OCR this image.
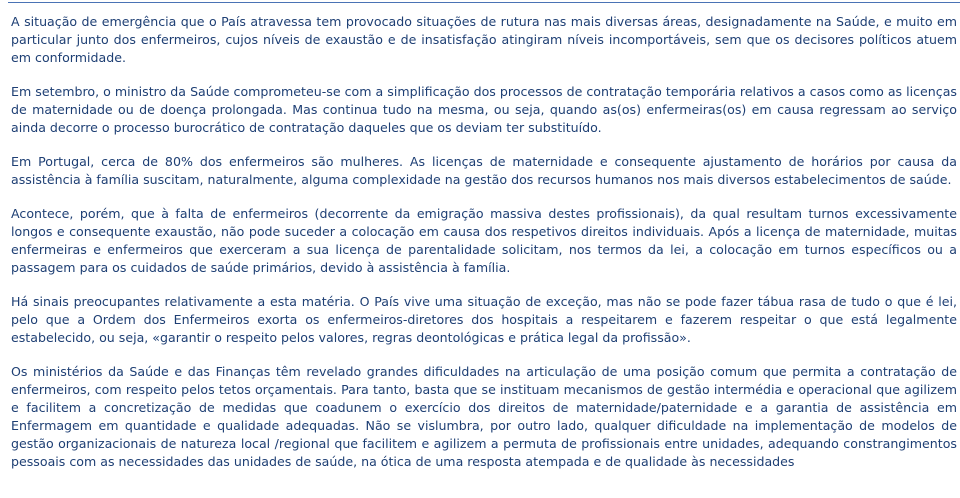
A situação de emergência que o País atravessa tem provocado situações de rutura nas mais diversas áreas, designadamente na Saúde, e muito em particular junto dos enfermeiros, cujos níveis de exaustão e de insatisfação atingiram níveis incomportáveis, sem que os decisores políticos atuem em conformidade.

Em setembro, o ministro da Saúde comprometeu-se com a simplificação dos processos de contratação temporária relativos a casos como as licenças de maternidade ou de doença prolongada. Mas continua tudo na mesma, ou seja, quando as(os) enfermeiras(os) em causa regressam ao serviço ainda decorre o processo burocrático de contratação daqueles que os deviam ter substituído.

Em Portugal, cerca de 80% dos enfermeiros são mulheres. As licenças de maternidade e consequente ajustamento de horários por causa da assistência à família suscitam, naturalmente, alguma complexidade na gestão dos recursos humanos nos mais diversos estabelecimentos de saúde.

Acontece, porém, que à falta de enfermeiros (decorrente da emigração massiva destes profissionais), da qual resultam turnos excessivamente longos e consequente exaustão, não pode suceder a colocação em causa dos respetivos direitos individuais. Após a licença de maternidade, muitas enfermeiras e enfermeiros que exerceram a sua licença de parentalidade solicitam, nos termos da lei, a colocação em turnos específicos ou a passagem para os cuidados de saúde primários, devido à assistência à família.

Há sinais preocupantes relativamente a esta matéria. O País vive uma situação de exceção, mas não se pode fazer tábua rasa de tudo o que é lei, pelo que a Ordem dos Enfermeiros exorta os enfermeiros-diretores dos hospitais a respeitarem e fazerem respeitar o que está legalmente estabelecido, ou seja, «garantir o respeito pelos valores, regras deontológicas e prática legal da profissão».

Os ministérios da Saúde e das Finanças têm revelado grandes dificuldades na articulação de uma posição comum que permita a contratação de enfermeiros, com respeito pelos tetos orçamentais. Para tanto, basta que se instituam mecanismos de gestão intermédia e operacional que agilizem e facilitem a concretização de medidas que coadunem o exercício dos direitos de maternidade/paternidade e a garantia de assistência em Enfermagem em quantidade e qualidade adequadas. Não se vislumbra, por outro lado, qualquer dificuldade na implementação de modelos de gestão organizacionais de natureza local /regional que facilitem e agilizem a permuta de profissionais entre unidades, adequando constrangimentos pessoais com as necessidades das unidades de saúde, na ótica de uma resposta atempada e de qualidade às necessidades
